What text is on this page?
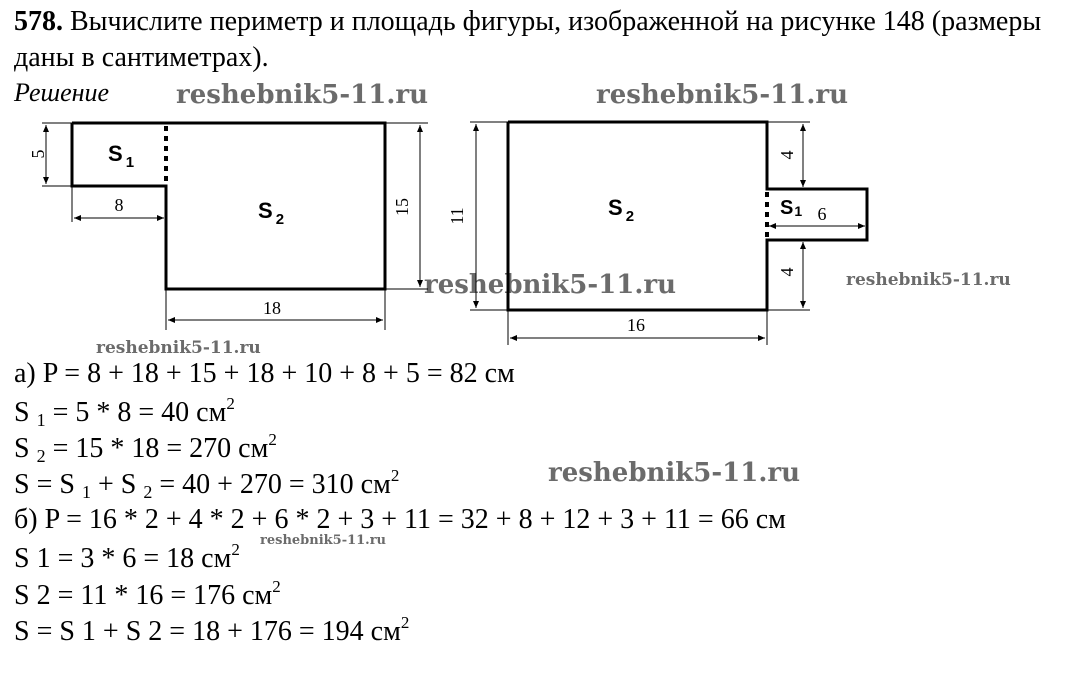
578. Вычислите периметр и площадь фигуры, изображенной на рисунке 148 (размеры даны в сантиметрах).
Решение	reshebnik5-11.ru	reshebnik5-11.ru
reshebnik5-11.ru	reshebnik5-11.ru
reshebnik5-11.ru
reshebnik5-11.ru
reshebnik5-11.ru
5
8	15
18
S $_1$
S $_2$	11
4
4
6
16
S $_2$	S1
а) P = 8 + 18 + 15 + 18 + 10 + 8 + 5 = 82 см
S $_1$ = 5 * 8 = 40 $см^2$
S $_2$ = 15 * 18 = 270 $см^2$
S = S $_1$ + S $_2$ = 40 + 270 = 310 $см^2$
б) P = 16 * 2 + 4 * 2 + 6 * 2 + 3 + 11 = 32 + 8 + 12 + 3 + 11 = 66 см
S 1 = 3 * 6 = 18 $см^2$
S 2 = 11 * 16 = 176 $см^2$
S = S 1 + S 2 = 18 + 176 = 194 $см^2$
